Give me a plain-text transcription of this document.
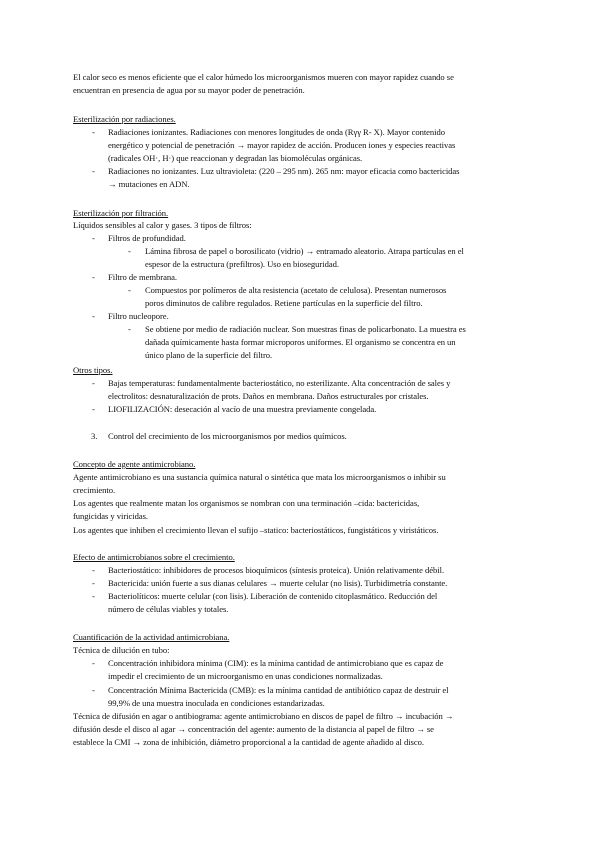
El calor seco es menos eficiente que el calor húmedo los microorganismos mueren con mayor rapidez cuando se
encuentran en presencia de agua por su mayor poder de penetración.
Esterilización por radiaciones.
- Radiaciones ionizantes. Radiaciones con menores longitudes de onda (Rγγ R- X). Mayor contenido
energético y potencial de penetración → mayor rapidez de acción. Producen iones y especies reactivas
(radicales OH·, H·) que reaccionan y degradan las biomoléculas orgánicas.
- Radiaciones no ionizantes. Luz ultravioleta: (220 – 295 nm). 265 nm: mayor eficacia como bactericidas
→ mutaciones en ADN.
Esterilización por filtración.
Líquidos sensibles al calor y gases. 3 tipos de filtros:
- Filtros de profundidad.
- Lámina fibrosa de papel o borosilicato (vidrio) → entramado aleatorio. Atrapa partículas en el
espesor de la estructura (prefiltros). Uso en bioseguridad.
- Filtro de membrana.
- Compuestos por polímeros de alta resistencia (acetato de celulosa). Presentan numerosos
poros diminutos de calibre regulados. Retiene partículas en la superficie del filtro.
- Filtro nucleopore.
- Se obtiene por medio de radiación nuclear. Son muestras finas de policarbonato. La muestra es
dañada químicamente hasta formar microporos uniformes. El organismo se concentra en un
único plano de la superficie del filtro.
Otros tipos.
- Bajas temperaturas: fundamentalmente bacteriostático, no esterilizante. Alta concentración de sales y
electrolitos: desnaturalización de prots. Daños en membrana. Daños estructurales por cristales.
- LIOFILIZACIÓN: desecación al vacío de una muestra previamente congelada.
3. Control del crecimiento de los microorganismos por medios químicos.
Concepto de agente antimicrobiano.
Agente antimicrobiano es una sustancia química natural o sintética que mata los microorganismos o inhibir su
crecimiento.
Los agentes que realmente matan los organismos se nombran con una terminación –cida: bactericidas,
fungicidas y viricidas.
Los agentes que inhiben el crecimiento llevan el sufijo –statico: bacteriostáticos, fungistáticos y viristáticos.
Efecto de antimicrobianos sobre el crecimiento.
- Bacteriostático: inhibidores de procesos bioquímicos (síntesis proteica). Unión relativamente débil.
- Bactericida: unión fuerte a sus dianas celulares → muerte celular (no lisis). Turbidimetría constante.
- Bacteriolíticos: muerte celular (con lisis). Liberación de contenido citoplasmático. Reducción del
número de células viables y totales.
Cuantificación de la actividad antimicrobiana.
Técnica de dilución en tubo:
- Concentración inhibidora mínima (CIM): es la mínima cantidad de antimicrobiano que es capaz de
impedir el crecimiento de un microorganismo en unas condiciones normalizadas.
- Concentración Mínima Bactericida (CMB): es la mínima cantidad de antibiótico capaz de destruir el
99,9% de una muestra inoculada en condiciones estandarizadas.
Técnica de difusión en agar o antibiograma: agente antimicrobiano en discos de papel de filtro → incubación →
difusión desde el disco al agar → concentración del agente: aumento de la distancia al papel de filtro → se
establece la CMI → zona de inhibición, diámetro proporcional a la cantidad de agente añadido al disco.
